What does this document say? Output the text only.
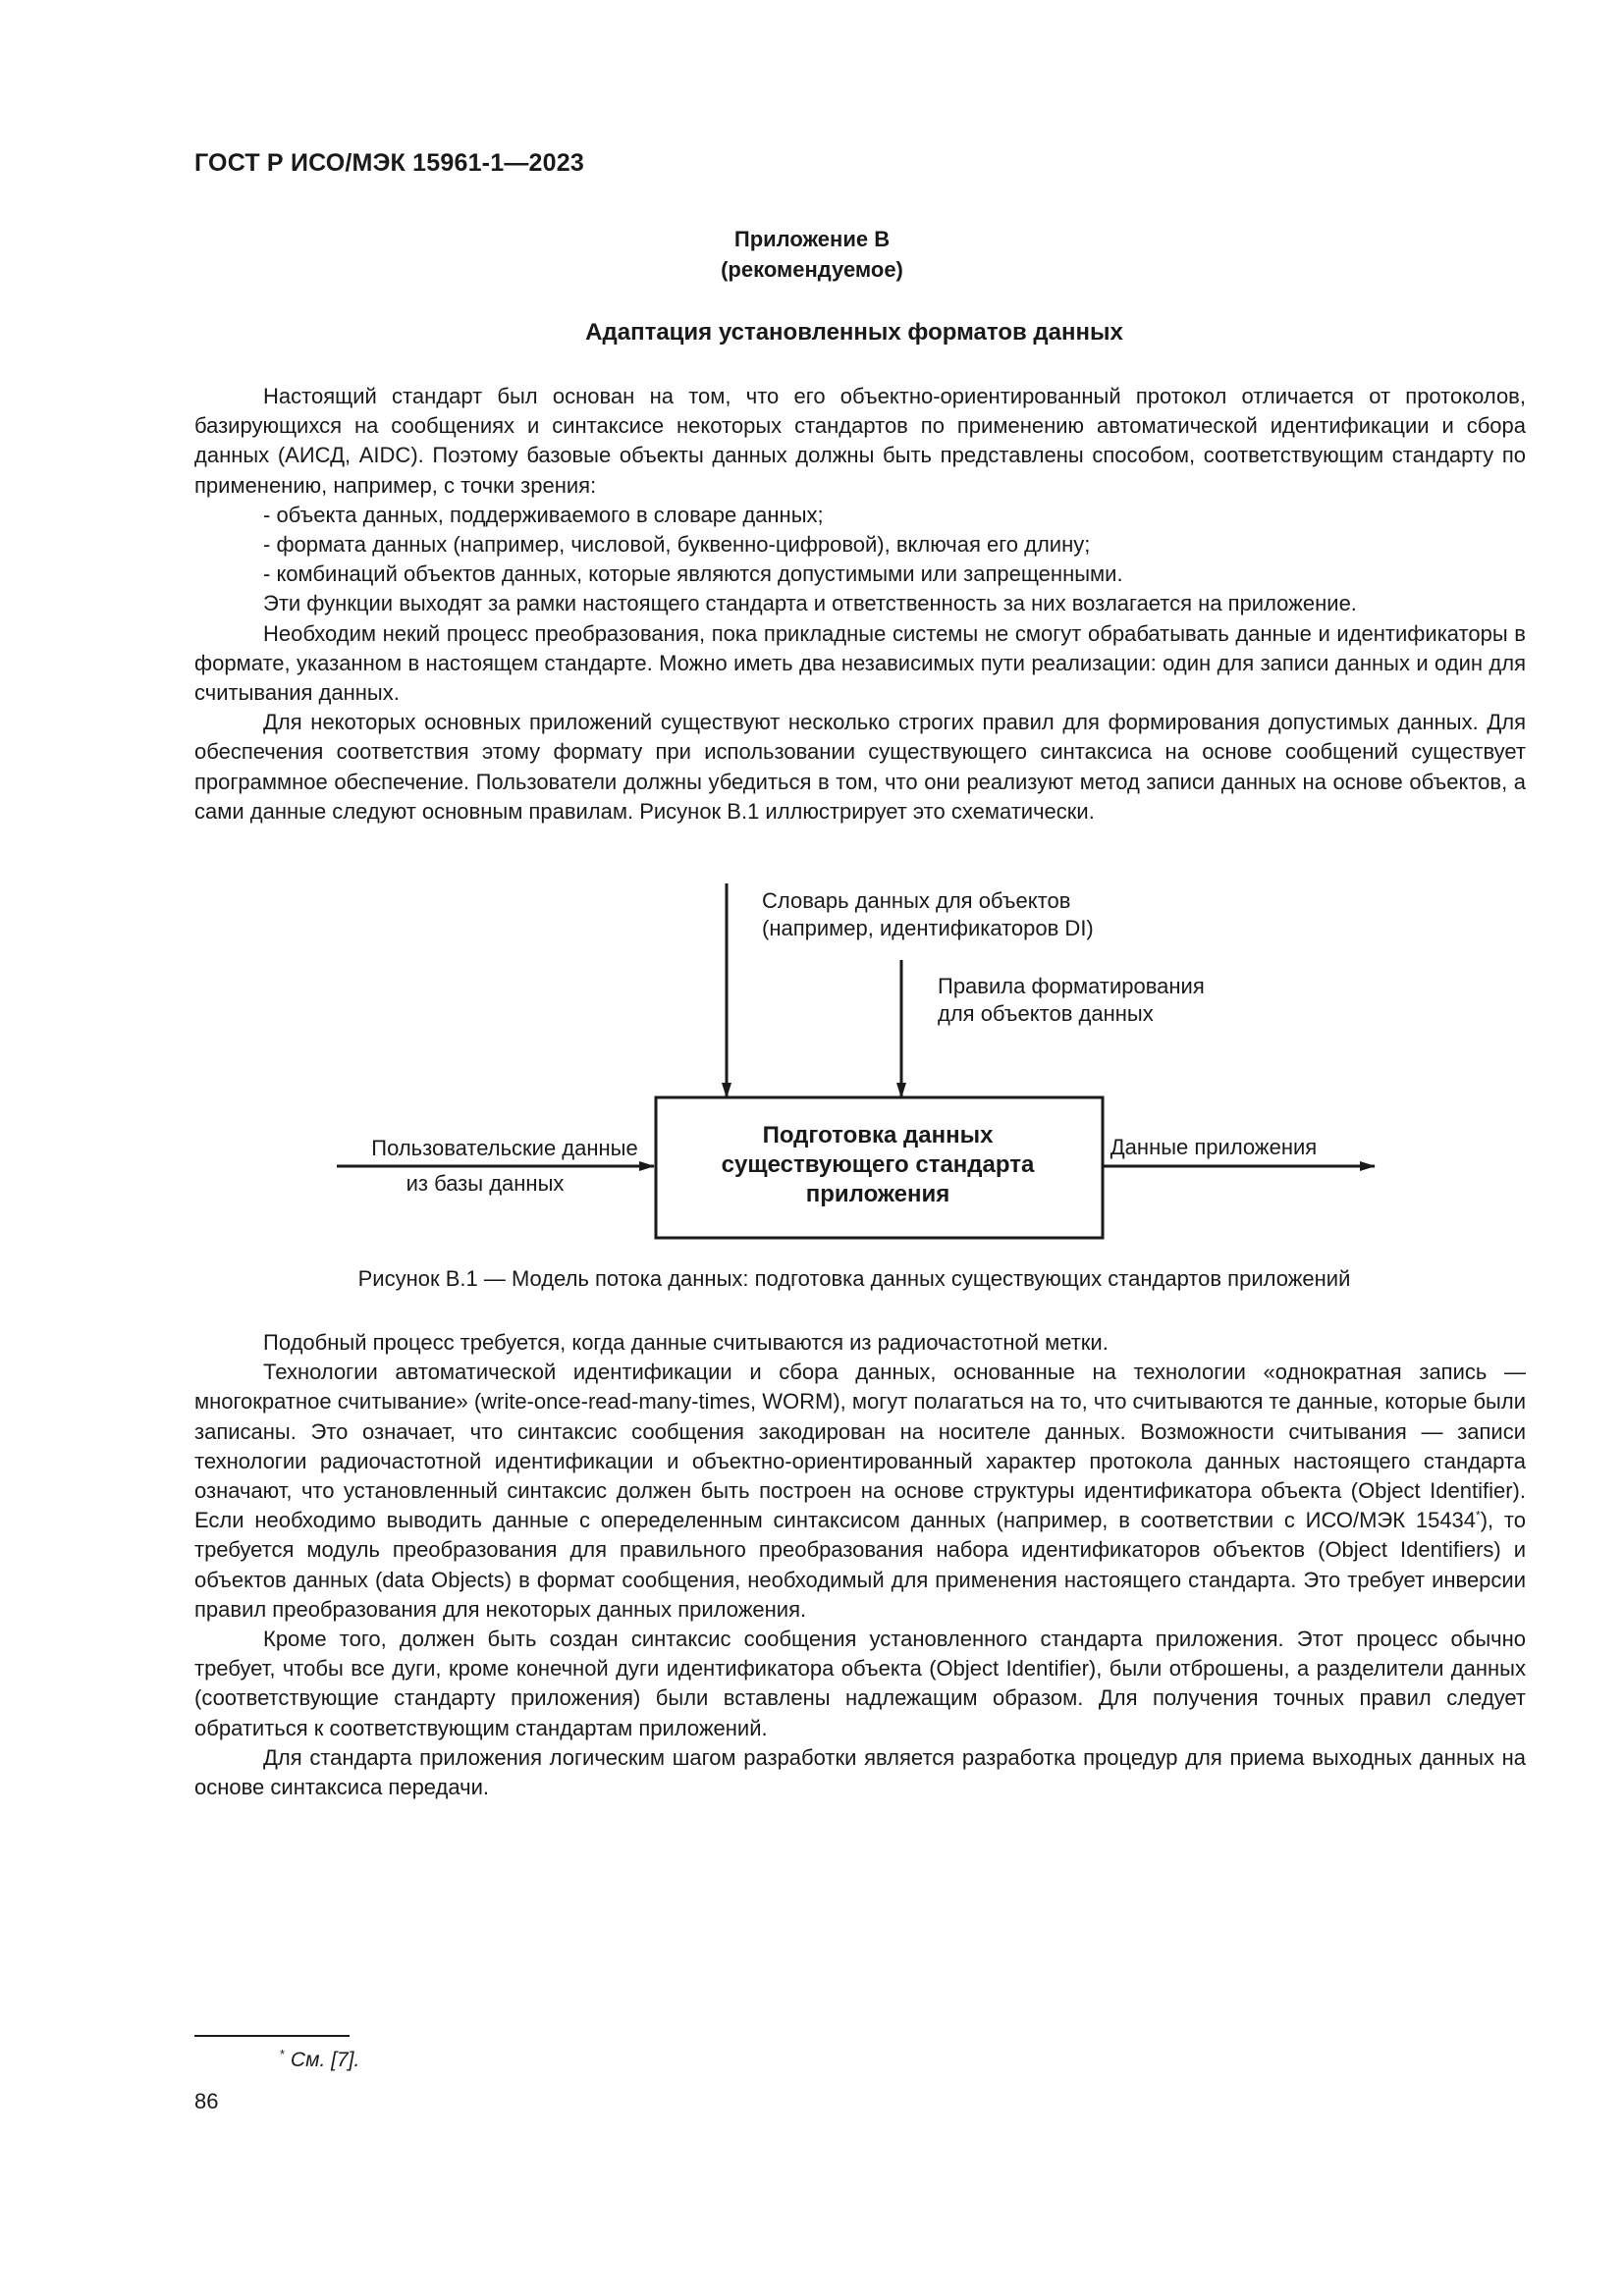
ГОСТ Р ИСО/МЭК 15961-1—2023
Приложение В
(рекомендуемое)
Адаптация установленных форматов данных

Настоящий стандарт был основан на том, что его объектно-ориентированный протокол отличается от протоколов, базирующихся на сообщениях и синтаксисе некоторых стандартов по применению автоматической идентификации и сбора данных (АИСД, AIDC). Поэтому базовые объекты данных должны быть представлены способом, соответствующим стандарту по применению, например, с точки зрения:

- объекта данных, поддерживаемого в словаре данных;

- формата данных (например, числовой, буквенно-цифровой), включая его длину;

- комбинаций объектов данных, которые являются допустимыми или запрещенными.

Эти функции выходят за рамки настоящего стандарта и ответственность за них возлагается на приложение.

Необходим некий процесс преобразования, пока прикладные системы не смогут обрабатывать данные и идентификаторы в формате, указанном в настоящем стандарте. Можно иметь два независимых пути реализации: один для записи данных и один для считывания данных.

Для некоторых основных приложений существуют несколько строгих правил для формирования допустимых данных. Для обеспечения соответствия этому формату при использовании существующего синтаксиса на основе сообщений существует программное обеспечение. Пользователи должны убедиться в том, что они реализуют метод записи данных на основе объектов, а сами данные следуют основным правилам. Рисунок В.1 иллюстрирует это схематически.

Словарь данных для объектов
(например, идентификаторов DI)
Правила форматирования
для объектов данных
Пользовательские данные
из базы данных
Данные приложения
Подготовка данных
существующего стандарта
приложения
Рисунок В.1 — Модель потока данных: подготовка данных существующих стандартов приложений

Подобный процесс требуется, когда данные считываются из радиочастотной метки.

Технологии автоматической идентификации и сбора данных, основанные на технологии «однократная запись — многократное считывание» (write-once-read-many-times, WORM), могут полагаться на то, что считываются те данные, которые были записаны. Это означает, что синтаксис сообщения закодирован на носителе данных. Возможности считывания — записи технологии радиочастотной идентификации и объектно-ориентированный характер протокола данных настоящего стандарта означают, что установленный синтаксис должен быть построен на основе структуры идентификатора объекта (Object Identifier). Если необходимо выводить данные с опеределенным синтаксисом данных (например, в соответствии с ИСО/МЭК 15434*), то требуется модуль преобразования для правильного преобразования набора идентификаторов объектов (Object Identifiers) и объектов данных (data Objects) в формат сообщения, необходимый для применения настоящего стандарта. Это требует инверсии правил преобразования для некоторых данных приложения.

Кроме того, должен быть создан синтаксис сообщения установленного стандарта приложения. Этот процесс обычно требует, чтобы все дуги, кроме конечной дуги идентификатора объекта (Object Identifier), были отброшены, а разделители данных (соответствующие стандарту приложения) были вставлены надлежащим образом. Для получения точных правил следует обратиться к соответствующим стандартам приложений.

Для стандарта приложения логическим шагом разработки является разработка процедур для приема выходных данных на основе синтаксиса передачи.

* См. [7].
86
